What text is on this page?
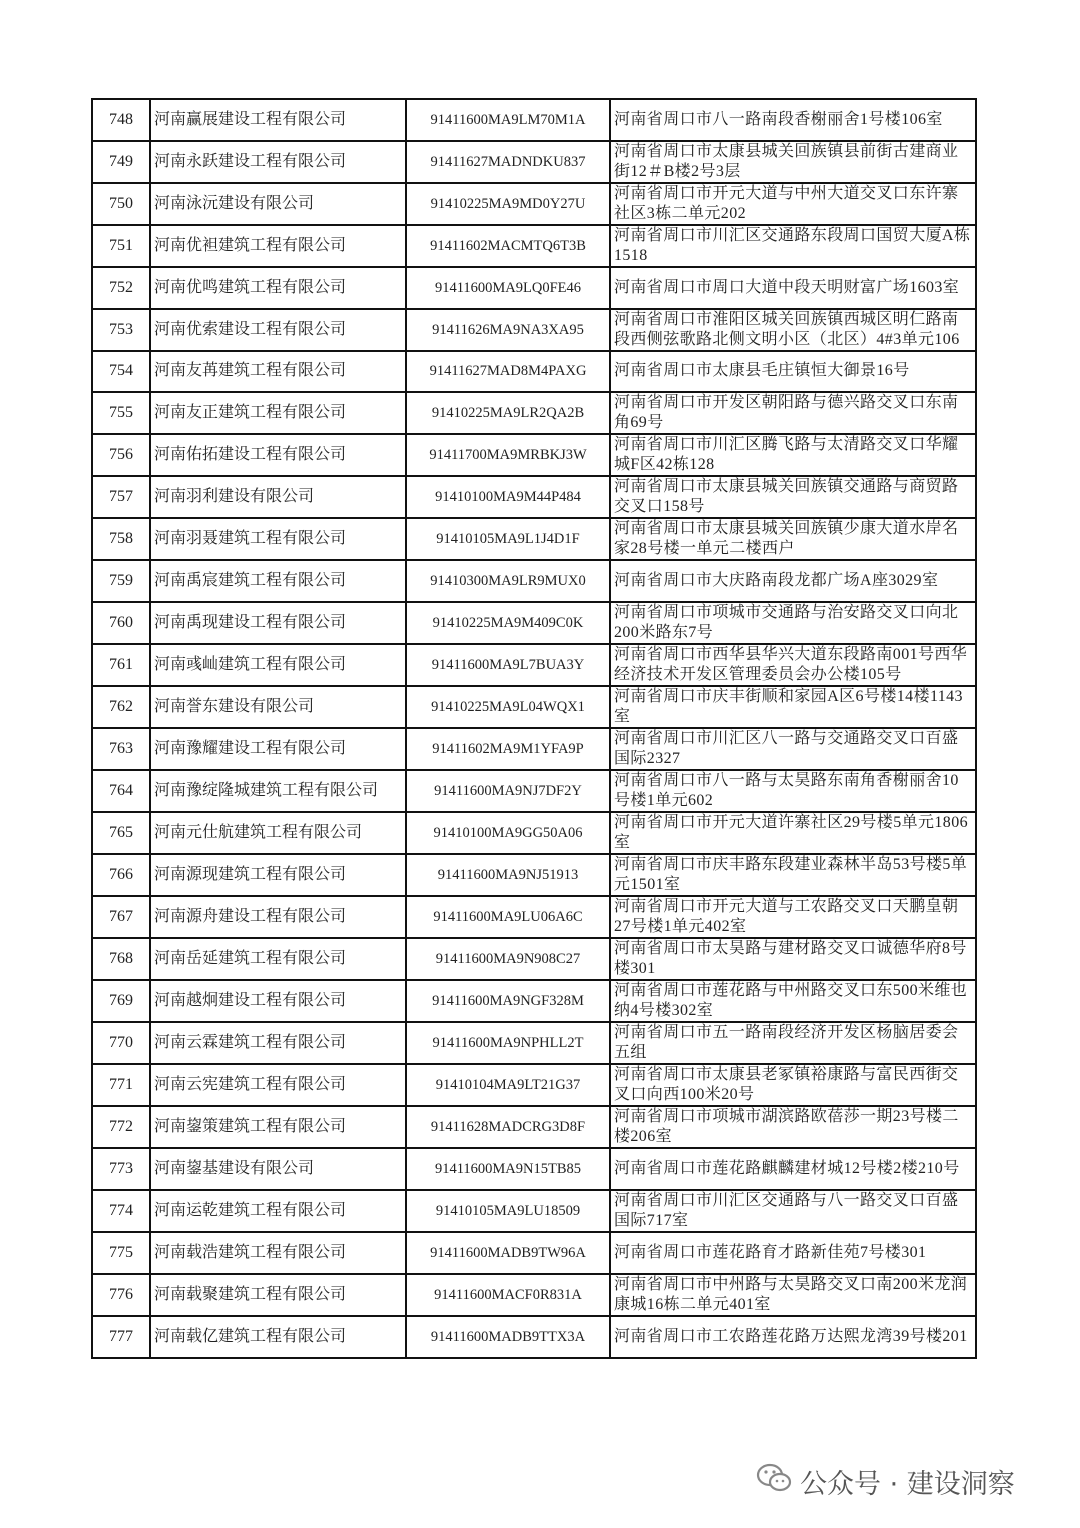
748	河南赢展建设工程有限公司	91411600MA9LM70M1A	河南省周口市八一路南段香榭丽舍1号楼106室
749	河南永跃建设工程有限公司	91411627MADNDKU837	河南省周口市太康县城关回族镇县前街古建商业街12＃B楼2号3层
750	河南泳沅建设有限公司	91410225MA9MD0Y27U	河南省周口市开元大道与中州大道交叉口东许寨社区3栋二单元202
751	河南优袒建筑工程有限公司	91411602MACMTQ6T3B	河南省周口市川汇区交通路东段周口国贸大厦A栋1518
752	河南优鸣建筑工程有限公司	91411600MA9LQ0FE46	河南省周口市周口大道中段天明财富广场1603室
753	河南优索建设工程有限公司	91411626MA9NA3XA95	河南省周口市淮阳区城关回族镇西城区明仁路南段西侧弦歌路北侧文明小区（北区）4#3单元106
754	河南友苒建筑工程有限公司	91411627MAD8M4PAXG	河南省周口市太康县毛庄镇恒大御景16号
755	河南友正建筑工程有限公司	91410225MA9LR2QA2B	河南省周口市开发区朝阳路与德兴路交叉口东南角69号
756	河南佑拓建设工程有限公司	91411700MA9MRBKJ3W	河南省周口市川汇区腾飞路与太清路交叉口华耀城F区42栋128
757	河南羽利建设有限公司	91410100MA9M44P484	河南省周口市太康县城关回族镇交通路与商贸路交叉口158号
758	河南羽聂建筑工程有限公司	91410105MA9L1J4D1F	河南省周口市太康县城关回族镇少康大道水岸名家28号楼一单元二楼西户
759	河南禹宸建筑工程有限公司	91410300MA9LR9MUX0	河南省周口市大庆路南段龙都广场A座3029室
760	河南禹现建设工程有限公司	91410225MA9M409C0K	河南省周口市项城市交通路与治安路交叉口向北200米路东7号
761	河南彧屾建筑工程有限公司	91411600MA9L7BUA3Y	河南省周口市西华县华兴大道东段路南001号西华经济技术开发区管理委员会办公楼105号
762	河南誉东建设有限公司	91410225MA9L04WQX1	河南省周口市庆丰街顺和家园A区6号楼14楼1143室
763	河南豫耀建设工程有限公司	91411602MA9M1YFA9P	河南省周口市川汇区八一路与交通路交叉口百盛国际2327
764	河南豫绽隆城建筑工程有限公司	91411600MA9NJ7DF2Y	河南省周口市八一路与太昊路东南角香榭丽舍10号楼1单元602
765	河南元仕航建筑工程有限公司	91410100MA9GG50A06	河南省周口市开元大道许寨社区29号楼5单元1806室
766	河南源现建筑工程有限公司	91411600MA9NJ51913	河南省周口市庆丰路东段建业森林半岛53号楼5单元1501室
767	河南源舟建设工程有限公司	91411600MA9LU06A6C	河南省周口市开元大道与工农路交叉口天鹏皇朝27号楼1单元402室
768	河南岳延建筑工程有限公司	91411600MA9N908C27	河南省周口市太昊路与建材路交叉口诚德华府8号楼301
769	河南越炯建设工程有限公司	91411600MA9NGF328M	河南省周口市莲花路与中州路交叉口东500米维也纳4号楼302室
770	河南云霖建筑工程有限公司	91411600MA9NPHLL2T	河南省周口市五一路南段经济开发区杨脑居委会五组
771	河南云宪建筑工程有限公司	91410104MA9LT21G37	河南省周口市太康县老冢镇裕康路与富民西街交叉口向西100米20号
772	河南鋆策建筑工程有限公司	91411628MADCRG3D8F	河南省周口市项城市湖滨路欧蓓莎一期23号楼二楼206室
773	河南鋆基建设有限公司	91411600MA9N15TB85	河南省周口市莲花路麒麟建材城12号楼2楼210号
774	河南运乾建筑工程有限公司	91410105MA9LU18509	河南省周口市川汇区交通路与八一路交叉口百盛国际717室
775	河南载浩建筑工程有限公司	91411600MADB9TW96A	河南省周口市莲花路育才路新佳苑7号楼301
776	河南载聚建筑工程有限公司	91411600MACF0R831A	河南省周口市中州路与太昊路交叉口南200米龙润康城16栋二单元401室
777	河南载亿建筑工程有限公司	91411600MADB9TTX3A	河南省周口市工农路莲花路万达熙龙湾39号楼201
公众号 · 建设洞察
